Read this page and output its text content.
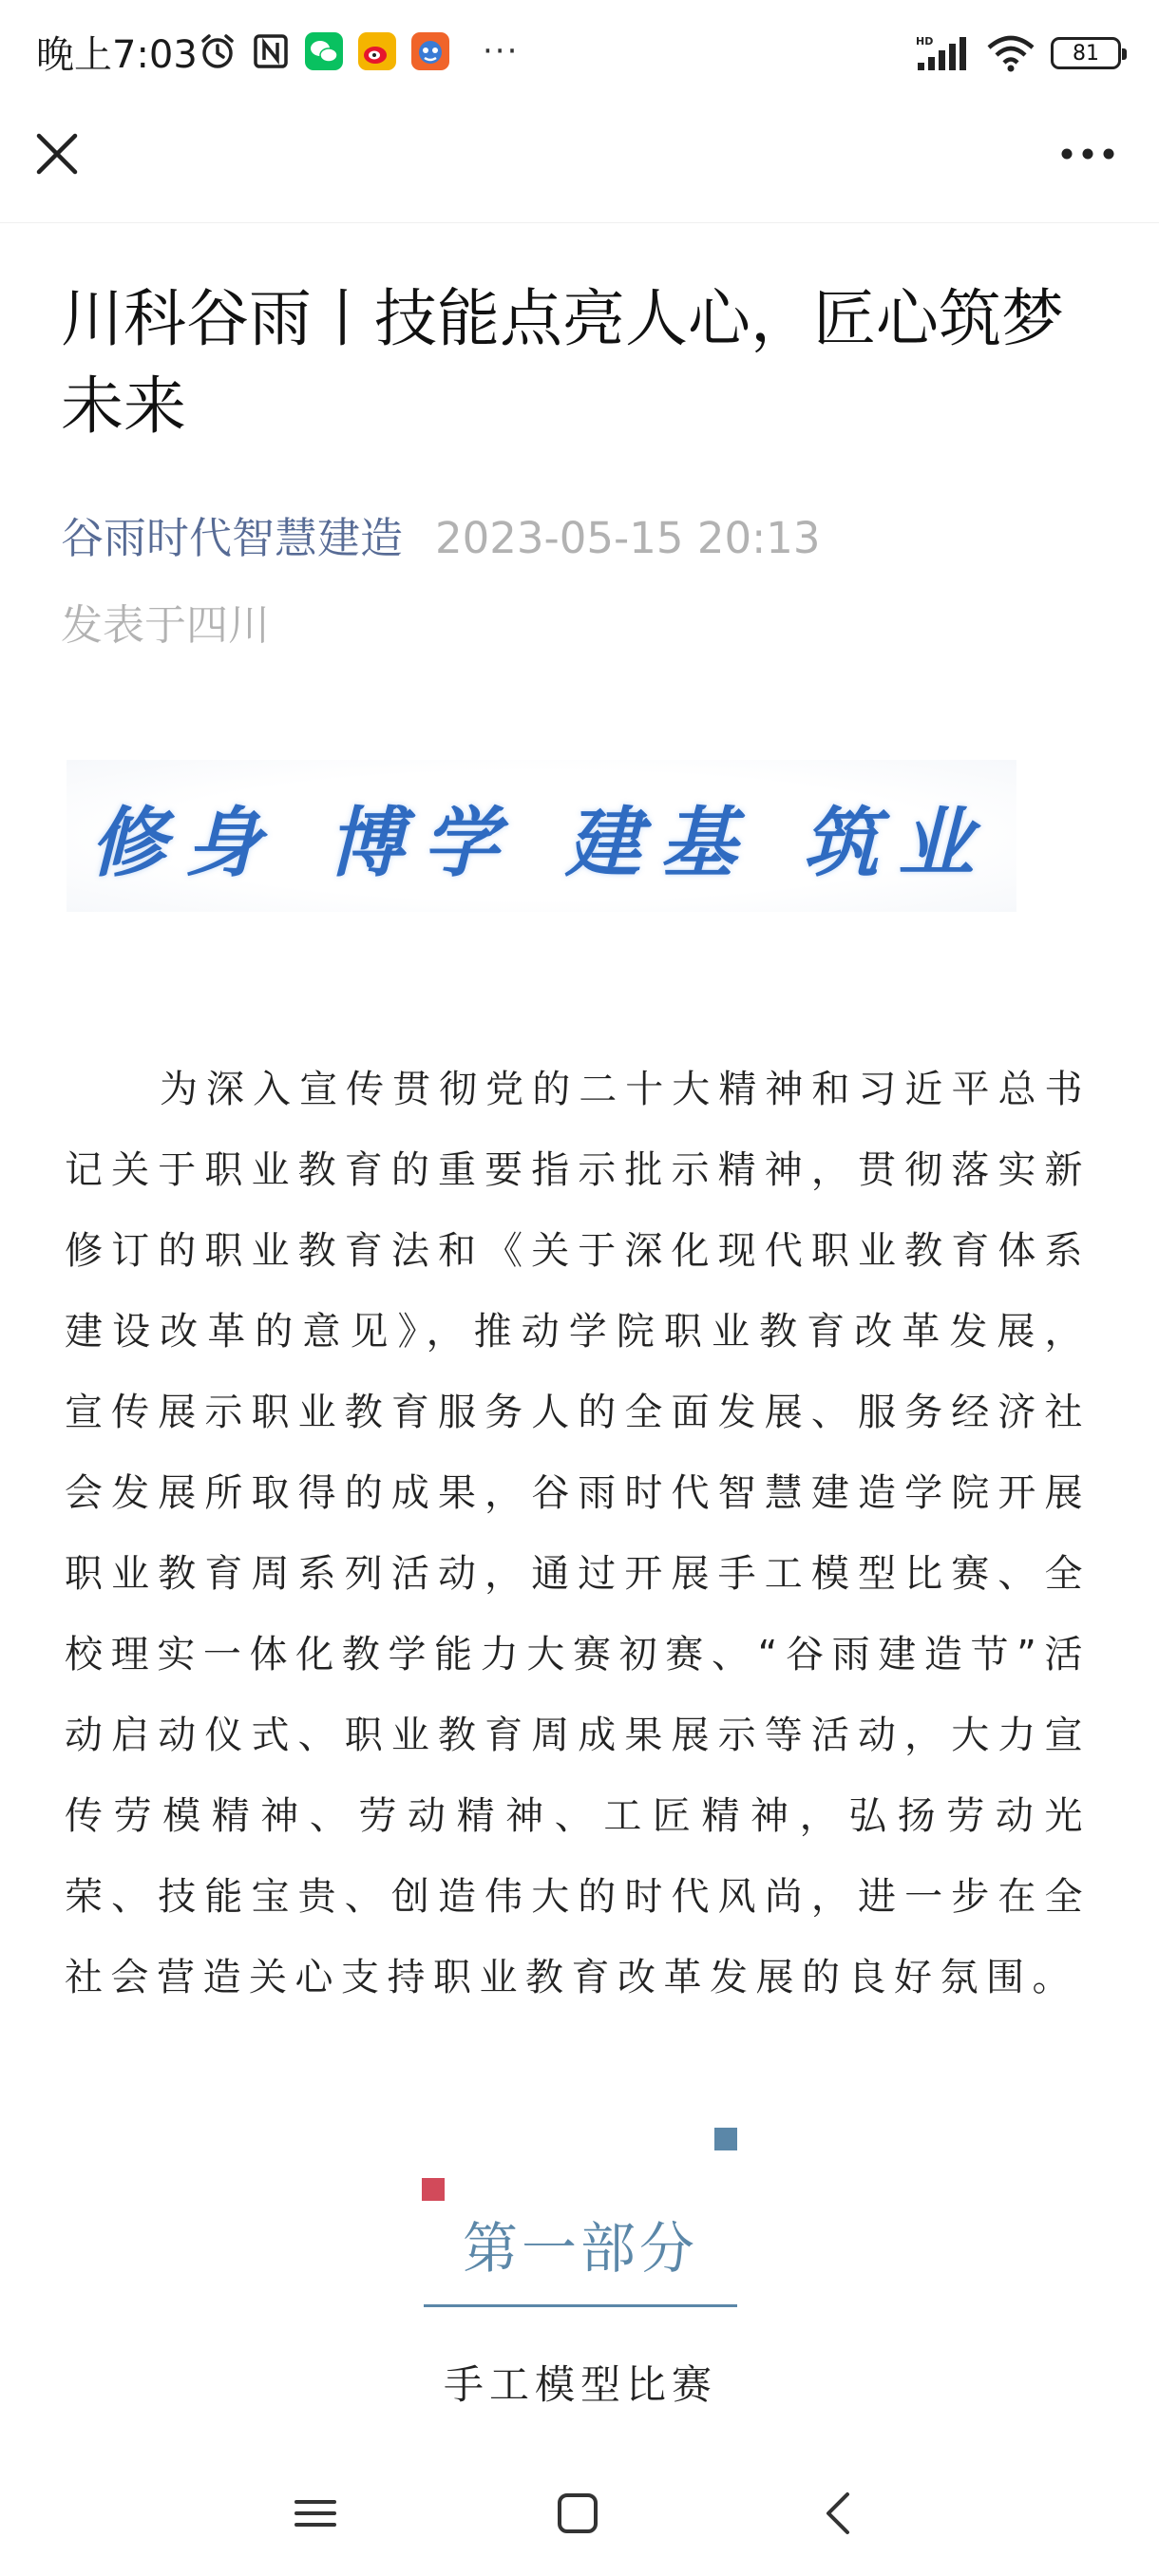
晚上7:03	···	HD	81
川科谷雨丨技能点亮人心，匠心筑梦未来
谷雨时代智慧建造 2023-05-15 20:13
发表于四川
修身 博学 建基 筑业

为深入宣传贯彻党的二十大精神和习近平总书记关于职业教育的重要指示批示精神，贯彻落实新修订的职业教育法和《关于深化现代职业教育体系建设改革的意见》，推动学院职业教育改革发展，宣传展示职业教育服务人的全面发展、服务经济社会发展所取得的成果，谷雨时代智慧建造学院开展职业教育周系列活动，通过开展手工模型比赛、全校理实一体化教学能力大赛初赛、“谷雨建造节”活动启动仪式、职业教育周成果展示等活动，大力宣传劳模精神、劳动精神、工匠精神，弘扬劳动光荣、技能宝贵、创造伟大的时代风尚，进一步在全社会营造关心支持职业教育改革发展的良好氛围。

第一部分
手工模型比赛
